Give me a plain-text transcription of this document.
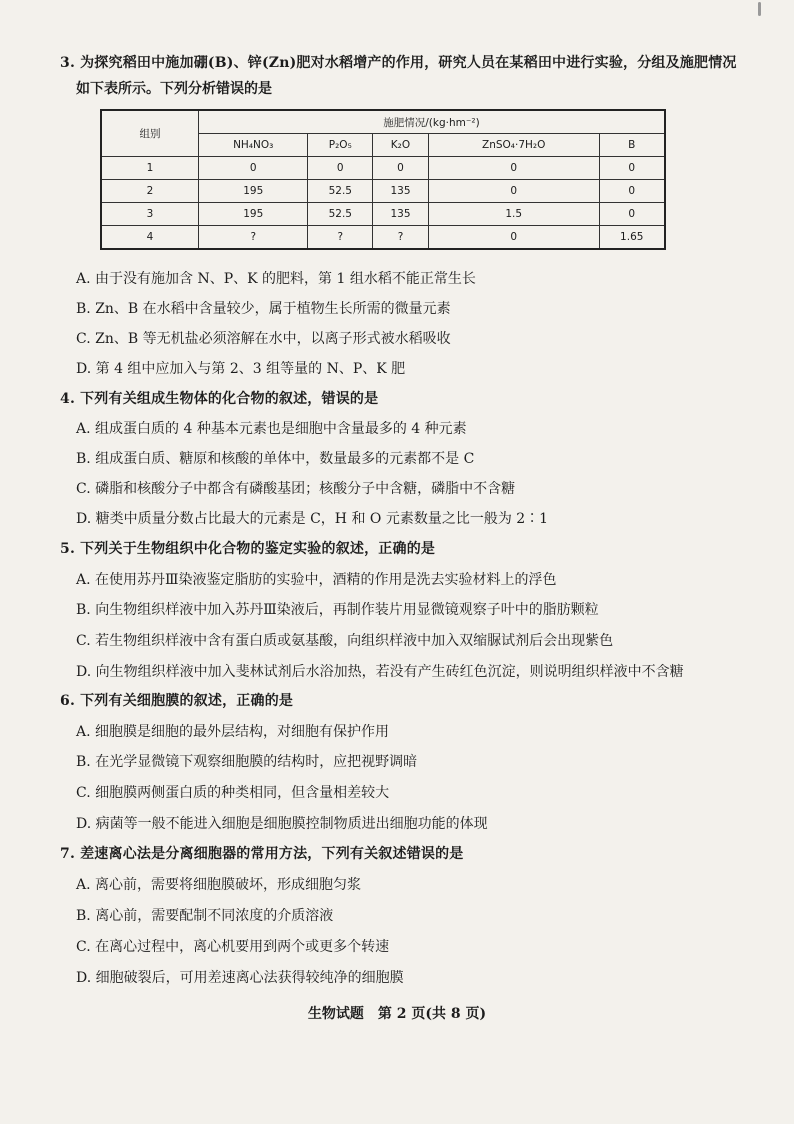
3. 为探究稻田中施加硼(B)、锌(Zn)肥对水稻增产的作用，研究人员在某稻田中进行实验，分组及施肥情况
如下表所示。下列分析错误的是
组别	施肥情况/(kg·hm⁻²)				
	NH₄NO₃	P₂O₅	K₂O	ZnSO₄·7H₂O	B
1	0	0	0	0	0
2	195	52.5	135	0	0
3	195	52.5	135	1.5	0
4	?	?	?	0	1.65
A. 由于没有施加含 N、P、K 的肥料，第 1 组水稻不能正常生长
B. Zn、B 在水稻中含量较少，属于植物生长所需的微量元素
C. Zn、B 等无机盐必须溶解在水中，以离子形式被水稻吸收
D. 第 4 组中应加入与第 2、3 组等量的 N、P、K 肥
4. 下列有关组成生物体的化合物的叙述，错误的是
A. 组成蛋白质的 4 种基本元素也是细胞中含量最多的 4 种元素
B. 组成蛋白质、糖原和核酸的单体中，数量最多的元素都不是 C
C. 磷脂和核酸分子中都含有磷酸基团；核酸分子中含糖，磷脂中不含糖
D. 糖类中质量分数占比最大的元素是 C，H 和 O 元素数量之比一般为 2∶1
5. 下列关于生物组织中化合物的鉴定实验的叙述，正确的是
A. 在使用苏丹Ⅲ染液鉴定脂肪的实验中，酒精的作用是洗去实验材料上的浮色
B. 向生物组织样液中加入苏丹Ⅲ染液后，再制作装片用显微镜观察子叶中的脂肪颗粒
C. 若生物组织样液中含有蛋白质或氨基酸，向组织样液中加入双缩脲试剂后会出现紫色
D. 向生物组织样液中加入斐林试剂后水浴加热，若没有产生砖红色沉淀，则说明组织样液中不含糖
6. 下列有关细胞膜的叙述，正确的是
A. 细胞膜是细胞的最外层结构，对细胞有保护作用
B. 在光学显微镜下观察细胞膜的结构时，应把视野调暗
C. 细胞膜两侧蛋白质的种类相同，但含量相差较大
D. 病菌等一般不能进入细胞是细胞膜控制物质进出细胞功能的体现
7. 差速离心法是分离细胞器的常用方法，下列有关叙述错误的是
A. 离心前，需要将细胞膜破坏，形成细胞匀浆
B. 离心前，需要配制不同浓度的介质溶液
C. 在离心过程中，离心机要用到两个或更多个转速
D. 细胞破裂后，可用差速离心法获得较纯净的细胞膜
生物试题　第 2 页(共 8 页)
